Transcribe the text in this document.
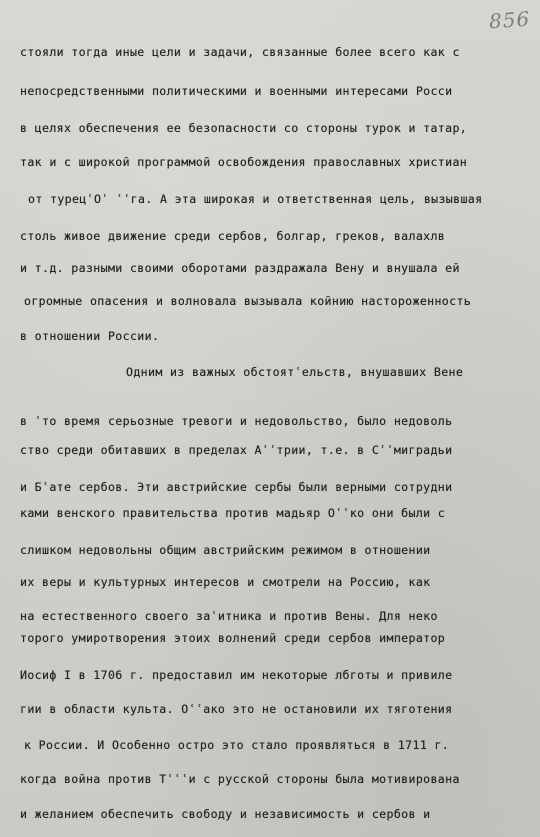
856
стояли тогда иные цели и задачи, связанные более всего как с
непосредственными политическими и военными интересами Росси
в целях обеспечения ее безопасности со стороны турок и татар,
так и с широкой программой освобождения православных христиан
от турецʿОʿ ʿʿга. А эта широкая и ответственная цель, вызывшая
столь живое движение среди сербов, болгар, греков, валахлв
и т.д. разными своими оборотами раздражала Вену и внушала ей
огромные опасения и волновала вызывала койнию настороженность
в отношении России.
Одним из важных обстоятʿельств, внушавших Вене
в ʿто время серьозные тревоги и недовольство, было недоволь
ство среди обитавших в пределах Аʿʿтрии, т.е. в Сʿʿмиградьи
и Бʿате сербов. Эти австрийские сербы были верными сотрудни
ками венского правительства против мадьяр Оʿʿко они были с
слишком недовольны общим австрийским режимом в отношении
их веры и культурных интересов и смотрели на Россию, как
на естественного своего заʿитника и против Вены. Для неко
торого умиротворения этоих волнений среди сербов император
Иосиф I в 1706 г. предоставил им некоторые лбготы и привиле
гии в области культа. Оʿʿако это не остановили их тяготения
к России. И Особенно остро это стало проявляться в 1711 г.
когда война против Тʿʿʿи с русской стороны была мотивирована
и желанием обеспечить свободу и независимость и сербов и
